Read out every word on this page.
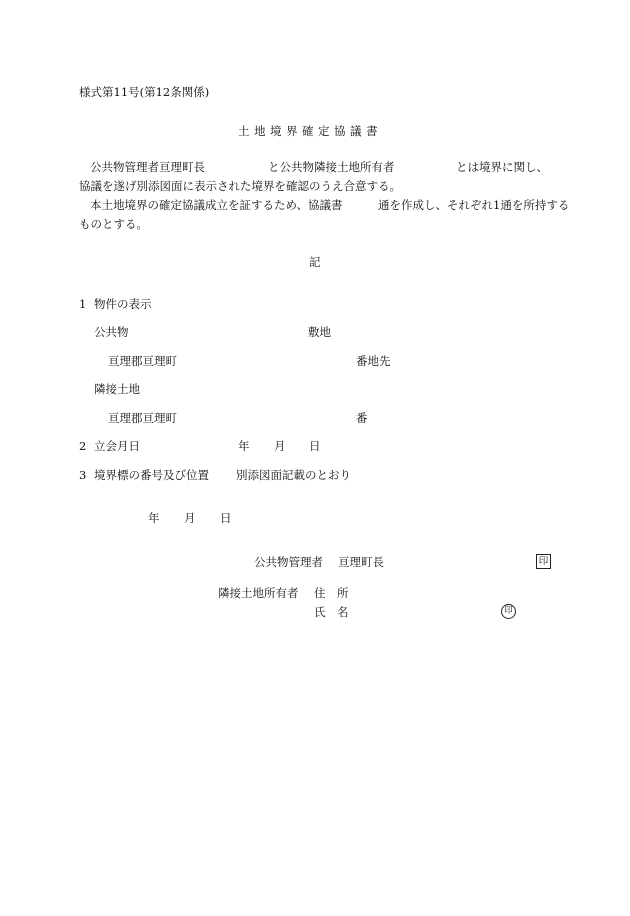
様式第11号(第12条関係)
土地境界確定協議書
公共物管理者亘理町長	と公共物隣接土地所有者	とは境界に関し、
協議を遂げ別添図面に表示された境界を確認のうえ合意する。
本土地境界の確定協議成立を証するため、協議書	通を作成し、それぞれ1通を所持する
ものとする。
記
1 物件の表示
公共物	敷地
亘理郡亘理町	番地先
隣接土地
亘理郡亘理町	番
2 立会月日	年 月 日
3 境界標の番号及び位置 別添図面記載のとおり
年 月 日
公共物管理者 亘理町長	印
隣接土地所有者 住　所
氏　名	印
